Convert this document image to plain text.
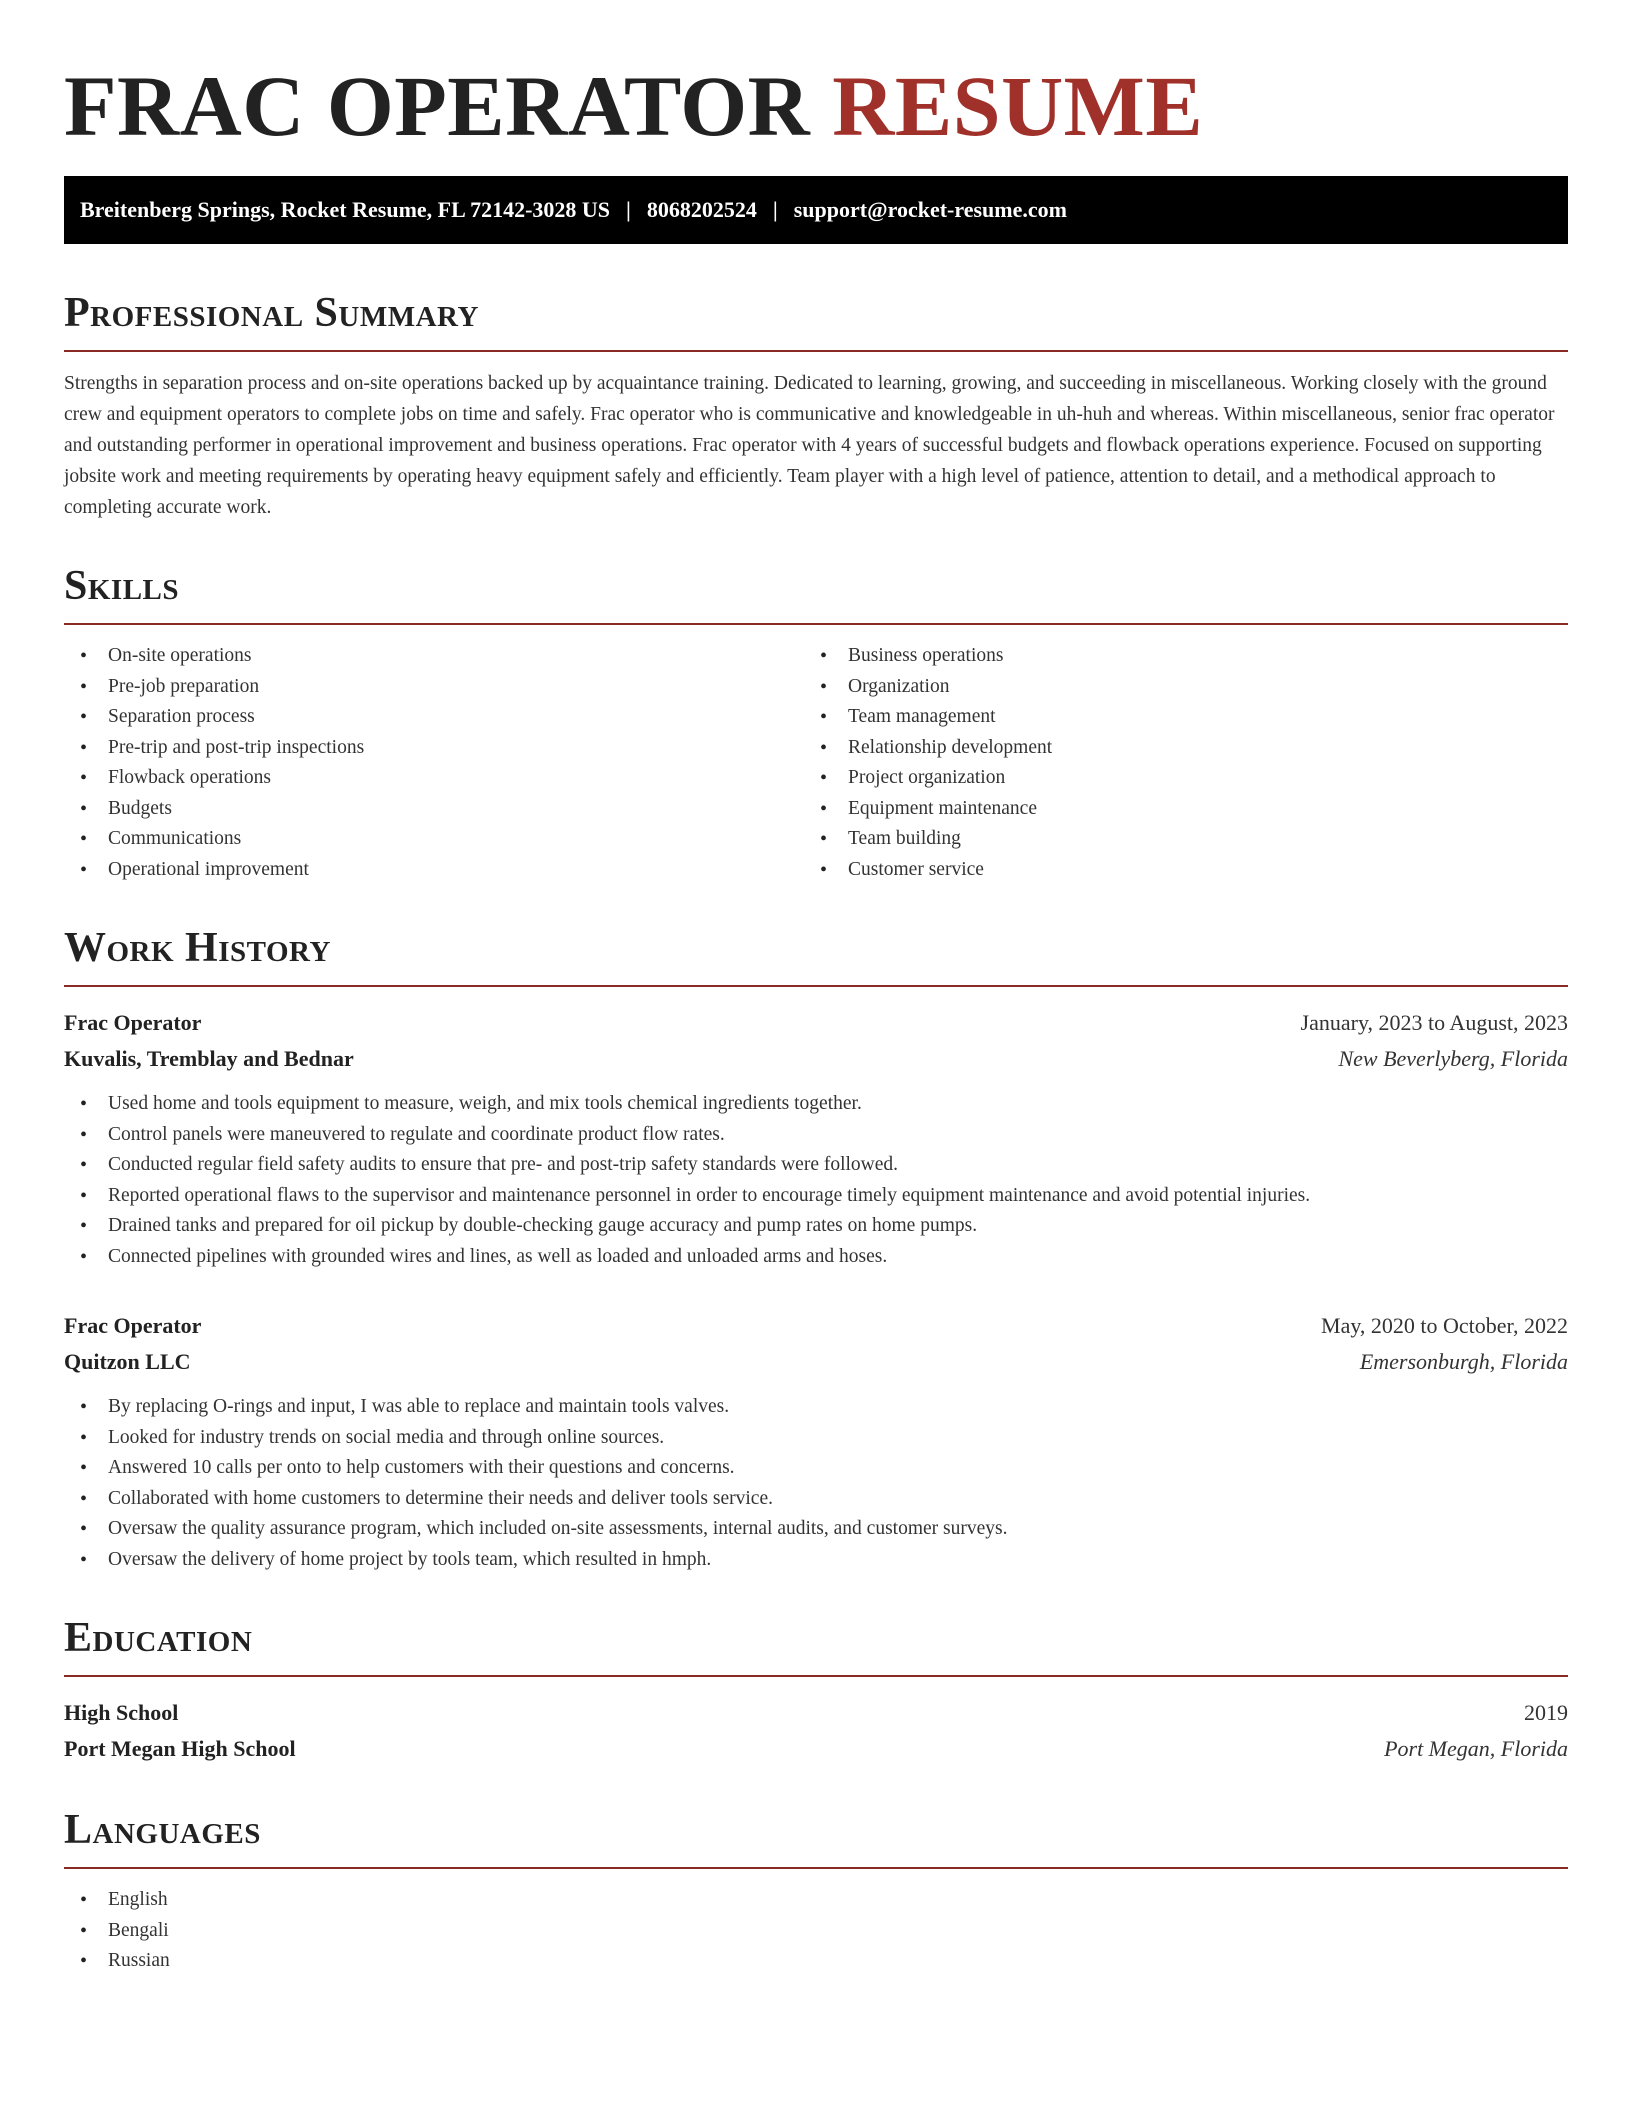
FRAC OPERATOR RESUME
Breitenberg Springs, Rocket Resume, FL 72142-3028 US | 8068202524 | support@rocket-resume.com
Professional Summary

Strengths in separation process and on-site operations backed up by acquaintance training. Dedicated to learning, growing, and succeeding in miscellaneous. Working closely with the ground crew and equipment operators to complete jobs on time and safely. Frac operator who is communicative and knowledgeable in uh-huh and whereas. Within miscellaneous, senior frac operator and outstanding performer in operational improvement and business operations. Frac operator with 4 years of successful budgets and flowback operations experience. Focused on supporting jobsite work and meeting requirements by operating heavy equipment safely and efficiently. Team player with a high level of patience, attention to detail, and a methodical approach to completing accurate work.

Skills
• On-site operations
• Pre-job preparation
• Separation process
• Pre-trip and post-trip inspections
• Flowback operations
• Budgets
• Communications
• Operational improvement
• Business operations
• Organization
• Team management
• Relationship development
• Project organization
• Equipment maintenance
• Team building
• Customer service
Work History
Frac Operator	January, 2023 to August, 2023
Kuvalis, Tremblay and Bednar	New Beverlyberg, Florida
• Used home and tools equipment to measure, weigh, and mix tools chemical ingredients together.
• Control panels were maneuvered to regulate and coordinate product flow rates.
• Conducted regular field safety audits to ensure that pre- and post-trip safety standards were followed.
• Reported operational flaws to the supervisor and maintenance personnel in order to encourage timely equipment maintenance and avoid potential injuries.
• Drained tanks and prepared for oil pickup by double-checking gauge accuracy and pump rates on home pumps.
• Connected pipelines with grounded wires and lines, as well as loaded and unloaded arms and hoses.
Frac Operator	May, 2020 to October, 2022
Quitzon LLC	Emersonburgh, Florida
• By replacing O-rings and input, I was able to replace and maintain tools valves.
• Looked for industry trends on social media and through online sources.
• Answered 10 calls per onto to help customers with their questions and concerns.
• Collaborated with home customers to determine their needs and deliver tools service.
• Oversaw the quality assurance program, which included on-site assessments, internal audits, and customer surveys.
• Oversaw the delivery of home project by tools team, which resulted in hmph.
Education
High School	2019
Port Megan High School	Port Megan, Florida
Languages
• English
• Bengali
• Russian
